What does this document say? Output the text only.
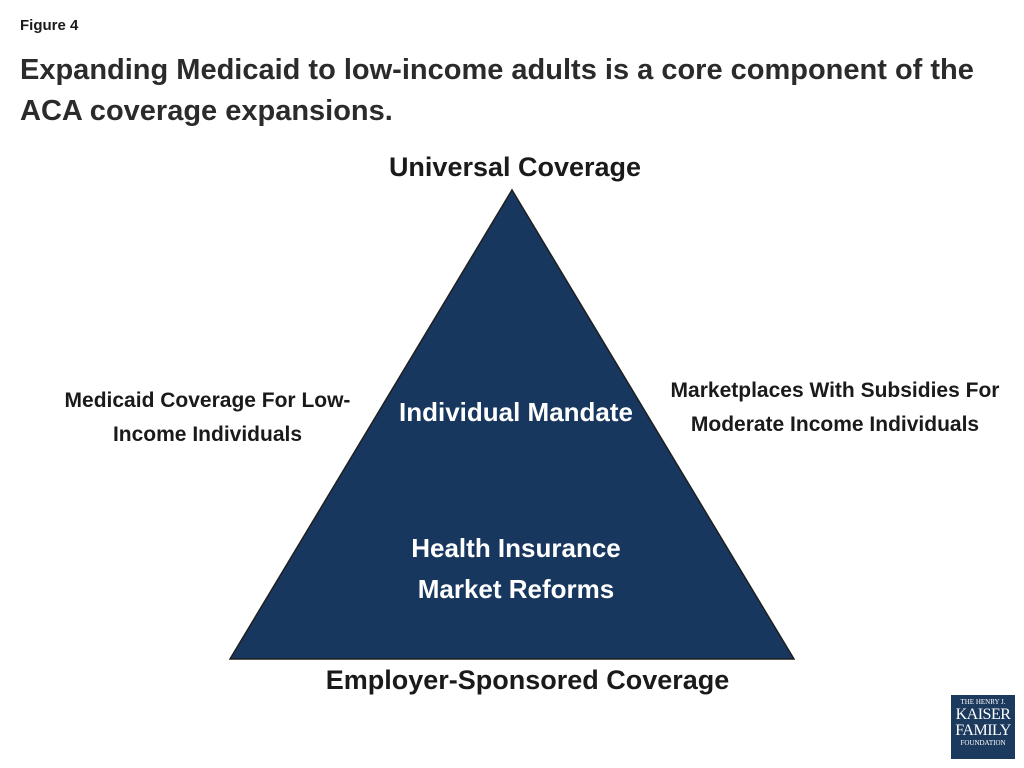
Figure 4
Expanding Medicaid to low-income adults is a core component of the ACA coverage expansions.
Universal Coverage
Individual Mandate
Health Insurance Market Reforms
Medicaid Coverage For Low-Income Individuals
Marketplaces With Subsidies For Moderate Income Individuals
Employer-Sponsored Coverage
THE HENRY J.
KAISER
FAMILY
FOUNDATION
